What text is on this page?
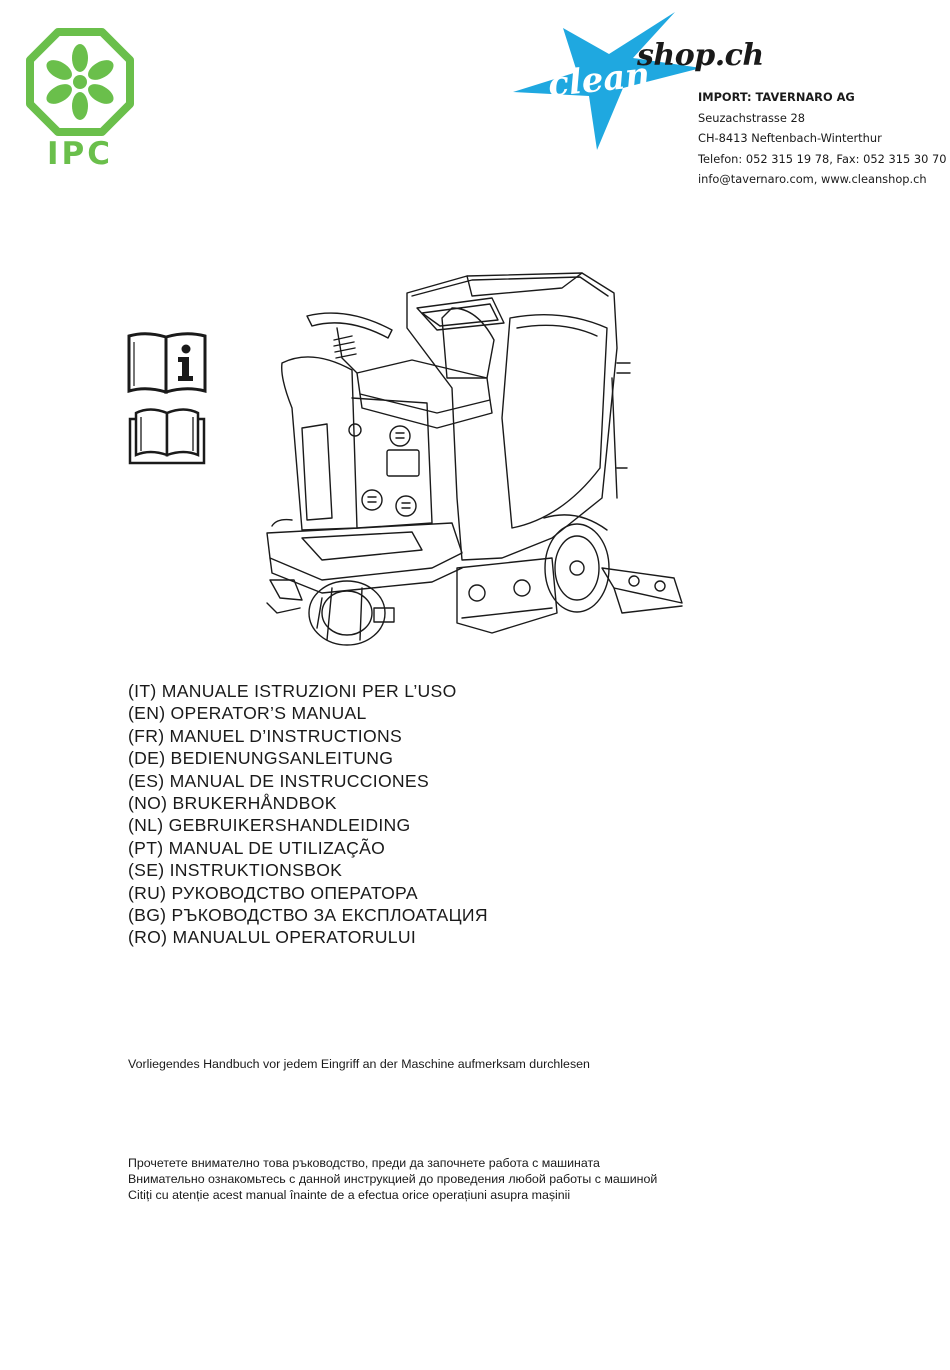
IPC
clean
shop.ch
IMPORT: TAVERNARO AG
Seuzachstrasse 28
CH-8413 Neftenbach-Winterthur
Telefon: 052 315 19 78, Fax: 052 315 30 70
info@tavernaro.com, www.cleanshop.ch
(IT) MANUALE ISTRUZIONI PER L’USO
(EN) OPERATOR’S MANUAL
(FR) MANUEL D’INSTRUCTIONS
(DE) BEDIENUNGSANLEITUNG
(ES) MANUAL DE INSTRUCCIONES
(NO) BRUKERHÅNDBOK
(NL) GEBRUIKERSHANDLEIDING
(PT) MANUAL DE UTILIZAÇÃO
(SE) INSTRUKTIONSBOK
(RU) РУКОВОДСТВО ОПЕРАТОРА
(BG) РЪКОВОДСТВО ЗА ЕКСПЛОАТАЦИЯ
(RO) MANUALUL OPERATORULUI
Vorliegendes Handbuch vor jedem Eingriff an der Maschine aufmerksam durchlesen
Прочетете внимателно това ръководство, преди да започнете работа с машината
Внимательно ознакомьтесь с данной инструкцией до проведения любой работы с машиной
Citiți cu atenție acest manual înainte de a efectua orice operațiuni asupra mașinii
